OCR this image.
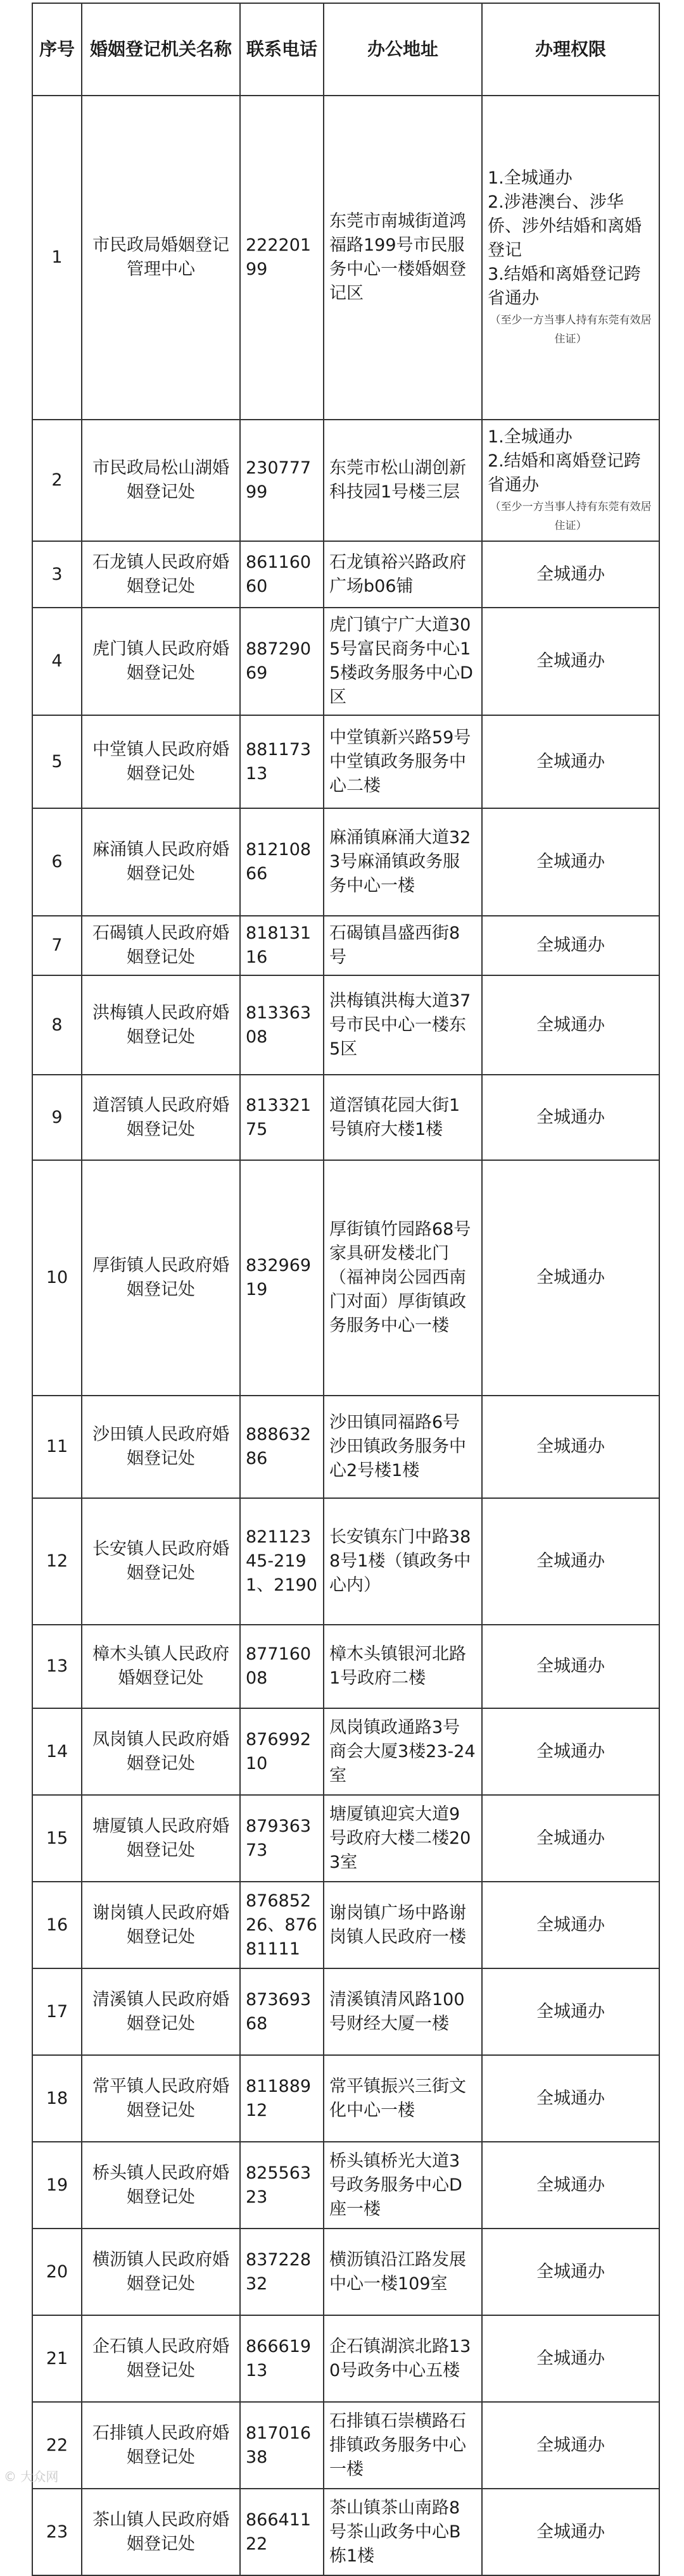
序号	婚姻登记机关名称	联系电话	办公地址	办理权限
1	市民政局婚姻登记管理中心	22220199	东莞市南城街道鸿福路199号市民服务中心一楼婚姻登记区	1.全城通办
2.涉港澳台、涉华侨、涉外结婚和离婚登记
3.结婚和离婚登记跨省通办
（至少一方当事人持有东莞有效居住证）

2	市民政局松山湖婚姻登记处	23077799	东莞市松山湖创新科技园1号楼三层	1.全城通办
2.结婚和离婚登记跨省通办
（至少一方当事人持有东莞有效居住证）

3	石龙镇人民政府婚姻登记处	86116060	石龙镇裕兴路政府广场b06铺	全城通办
4	虎门镇人民政府婚姻登记处	88729069	虎门镇宁广大道305号富民商务中心15楼政务服务中心D区	全城通办
5	中堂镇人民政府婚姻登记处	88117313	中堂镇新兴路59号中堂镇政务服务中心二楼	全城通办
6	麻涌镇人民政府婚姻登记处	81210866	麻涌镇麻涌大道323号麻涌镇政务服务中心一楼	全城通办
7	石碣镇人民政府婚姻登记处	81813116	石碣镇昌盛西街8号	全城通办
8	洪梅镇人民政府婚姻登记处	81336308	洪梅镇洪梅大道37号市民中心一楼东5区	全城通办
9	道滘镇人民政府婚姻登记处	81332175	道滘镇花园大街1号镇府大楼1楼	全城通办
10	厚街镇人民政府婚姻登记处	83296919	厚街镇竹园路68号家具研发楼北门（福神岗公园西南门对面）厚街镇政务服务中心一楼	全城通办
11	沙田镇人民政府婚姻登记处	88863286	沙田镇同福路6号沙田镇政务服务中心2号楼1楼	全城通办
12	长安镇人民政府婚姻登记处	82112345-2191、2190	长安镇东门中路388号1楼（镇政务中心内）	全城通办
13	樟木头镇人民政府婚姻登记处	87716008	樟木头镇银河北路1号政府二楼	全城通办
14	凤岗镇人民政府婚姻登记处	87699210	凤岗镇政通路3号商会大厦3楼23-24室	全城通办
15	塘厦镇人民政府婚姻登记处	87936373	塘厦镇迎宾大道9号政府大楼二楼203室	全城通办
16	谢岗镇人民政府婚姻登记处	87685226、87681111	谢岗镇广场中路谢岗镇人民政府一楼	全城通办
17	清溪镇人民政府婚姻登记处	87369368	清溪镇清风路100号财经大厦一楼	全城通办
18	常平镇人民政府婚姻登记处	81188912	常平镇振兴三街文化中心一楼	全城通办
19	桥头镇人民政府婚姻登记处	82556323	桥头镇桥光大道3号政务服务中心D座一楼	全城通办
20	横沥镇人民政府婚姻登记处	83722832	横沥镇沿江路发展中心一楼109室	全城通办
21	企石镇人民政府婚姻登记处	86661913	企石镇湖滨北路130号政务中心五楼	全城通办
22	石排镇人民政府婚姻登记处	81701638	石排镇石崇横路石排镇政务服务中心一楼	全城通办
23	茶山镇人民政府婚姻登记处	86641122	茶山镇茶山南路8号茶山政务中心B栋1楼	全城通办
© 大众网
